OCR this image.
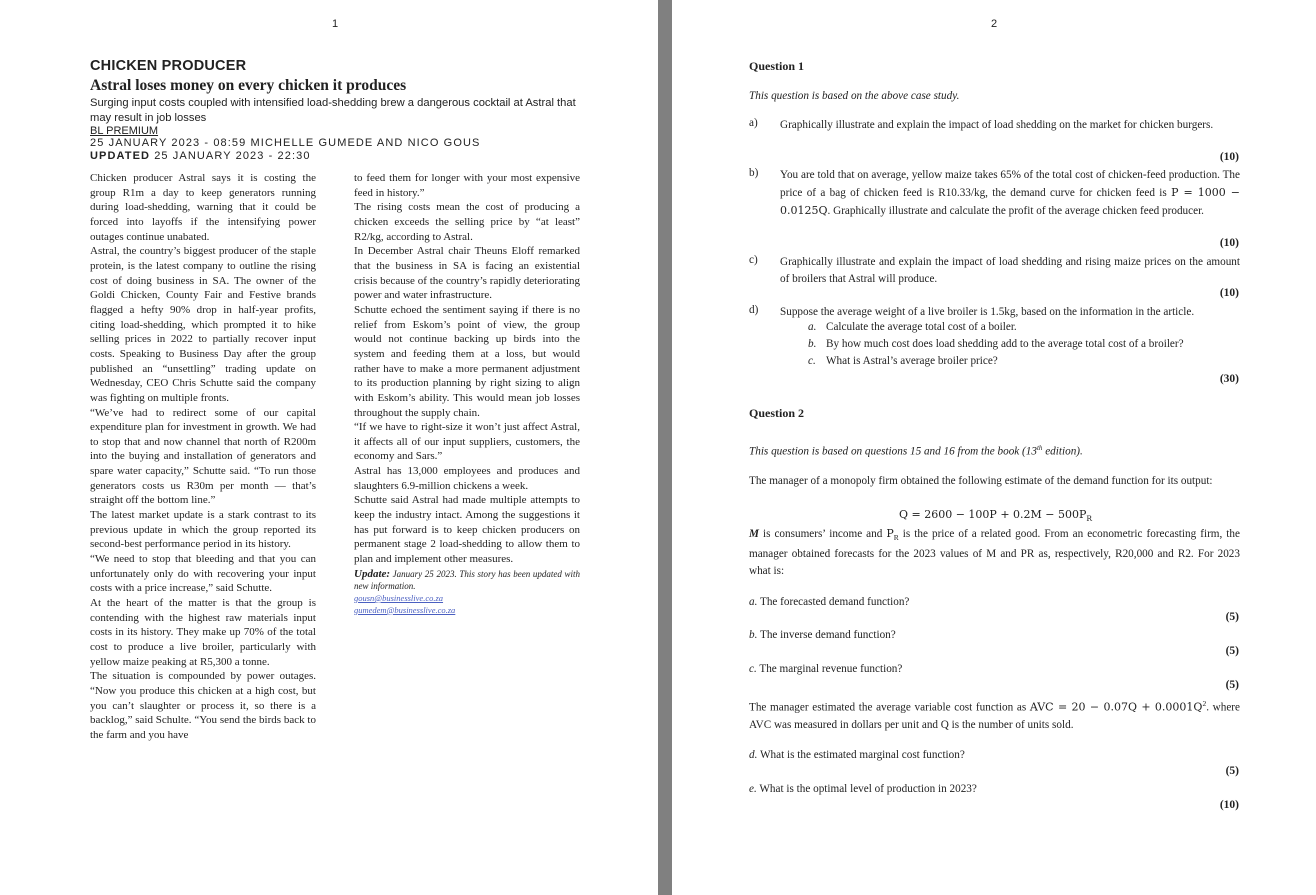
1
CHICKEN PRODUCER
Astral loses money on every chicken it produces
Surging input costs coupled with intensified load-shedding brew a dangerous cocktail at Astral that may result in job losses
BL PREMIUM
25 JANUARY 2023 - 08:59 MICHELLE GUMEDE AND NICO GOUS
UPDATED 25 JANUARY 2023 - 22:30

Chicken producer Astral says it is costing the group R1m a day to keep generators running during load-shedding, warning that it could be forced into layoffs if the intensifying power outages continue unabated.

Astral, the country’s biggest producer of the staple protein, is the latest company to outline the rising cost of doing business in SA. The owner of the Goldi Chicken, County Fair and Festive brands flagged a hefty 90% drop in half-year profits, citing load-shedding, which prompted it to hike selling prices in 2022 to partially recover input costs. Speaking to Business Day after the group published an “unsettling” trading update on Wednesday, CEO Chris Schutte said the company was fighting on multiple fronts.

“We’ve had to redirect some of our capital expenditure plan for investment in growth. We had to stop that and now channel that north of R200m into the buying and installation of generators and spare water capacity,” Schutte said. “To run those generators costs us R30m per month — that’s straight off the bottom line.”

The latest market update is a stark contrast to its previous update in which the group reported its second-best performance period in its history.

“We need to stop that bleeding and that you can unfortunately only do with recovering your input costs with a price increase,” said Schutte.

At the heart of the matter is that the group is contending with the highest raw materials input costs in its history. They make up 70% of the total cost to produce a live broiler, particularly with yellow maize peaking at R5,300 a tonne.

The situation is compounded by power outages. “Now you produce this chicken at a high cost, but you can’t slaughter or process it, so there is a backlog,” said Schulte. “You send the birds back to the farm and you have

to feed them for longer with your most expensive feed in history.”

The rising costs mean the cost of producing a chicken exceeds the selling price by “at least” R2/kg, according to Astral.

In December Astral chair Theuns Eloff remarked that the business in SA is facing an existential crisis because of the country’s rapidly deteriorating power and water infrastructure.

Schutte echoed the sentiment saying if there is no relief from Eskom’s point of view, the group would not continue backing up birds into the system and feeding them at a loss, but would rather have to make a more permanent adjustment to its production planning by right sizing to align with Eskom’s ability. This would mean job losses throughout the supply chain.

“If we have to right-size it won’t just affect Astral, it affects all of our input suppliers, customers, the economy and Sars.”

Astral has 13,000 employees and produces and slaughters 6.9-million chickens a week.

Schutte said Astral had made multiple attempts to keep the industry intact. Among the suggestions it has put forward is to keep chicken producers on permanent stage 2 load-shedding to allow them to plan and implement other measures.

Update: January 25 2023. This story has been updated with new information.

gousn@businesslive.co.za
gumedem@businesslive.co.za
2
Question 1
This question is based on the above case study.
a) Graphically illustrate and explain the impact of load shedding on the market for chicken burgers.
(10)
b) You are told that on average, yellow maize takes 65% of the total cost of chicken-feed production. The price of a bag of chicken feed is R10.33/kg, the demand curve for chicken feed is P = 1000 − 0.0125Q. Graphically illustrate and calculate the profit of the average chicken feed producer.
(10)
c) Graphically illustrate and explain the impact of load shedding and rising maize prices on the amount of broilers that Astral will produce.
(10)
d) Suppose the average weight of a live broiler is 1.5kg, based on the information in the article.
a. Calculate the average total cost of a boiler.
b. By how much cost does load shedding add to the average total cost of a broiler?
c. What is Astral’s average broiler price?
(30)
Question 2
This question is based on questions 15 and 16 from the book (13th edition).
The manager of a monopoly firm obtained the following estimate of the demand function for its output:
$Q = 2600 - 100P + 0.2M - 500P_R$
M is consumers’ income and $P_R$ is the price of a related good. From an econometric forecasting firm, the manager obtained forecasts for the 2023 values of M and PR as, respectively, R20,000 and R2. For 2023 what is:
a. The forecasted demand function?
(5)
b. The inverse demand function?
(5)
c. The marginal revenue function?
(5)
The manager estimated the average variable cost function as AVC = $20 - 0.07Q + 0.0001Q^2$. where AVC was measured in dollars per unit and Q is the number of units sold.
d. What is the estimated marginal cost function?
(5)
e. What is the optimal level of production in 2023?
(10)
